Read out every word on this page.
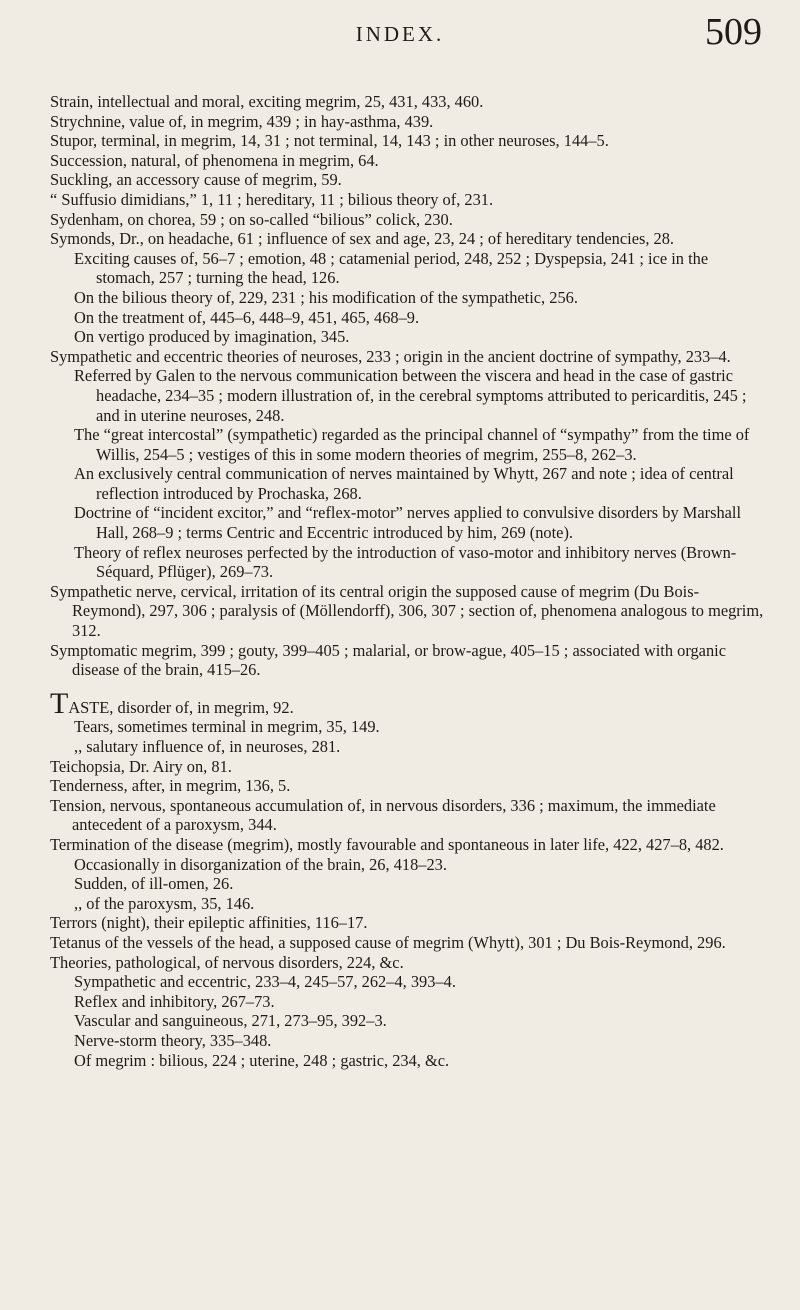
INDEX.	509

Strain, intellectual and moral, exciting megrim, 25, 431, 433, 460.

Strychnine, value of, in megrim, 439 ; in hay-asthma, 439.

Stupor, terminal, in megrim, 14, 31 ; not terminal, 14, 143 ; in other neuroses, 144–5.

Succession, natural, of phenomena in megrim, 64.

Suckling, an accessory cause of megrim, 59.

“ Suffusio dimidians,” 1, 11 ; hereditary, 11 ; bilious theory of, 231.

Sydenham, on chorea, 59 ; on so-called “bilious” colick, 230.

Symonds, Dr., on headache, 61 ; influence of sex and age, 23, 24 ; of hereditary tendencies, 28.

Exciting causes of, 56–7 ; emotion, 48 ; catamenial period, 248, 252 ; Dyspepsia, 241 ; ice in the stomach, 257 ; turning the head, 126.

On the bilious theory of, 229, 231 ; his modification of the sympathetic, 256.

On the treatment of, 445–6, 448–9, 451, 465, 468–9.

On vertigo produced by imagination, 345.

Sympathetic and eccentric theories of neuroses, 233 ; origin in the ancient doctrine of sympathy, 233–4.

Referred by Galen to the nervous communication between the viscera and head in the case of gastric headache, 234–35 ; modern illustration of, in the cerebral symptoms attributed to pericarditis, 245 ; and in uterine neuroses, 248.

The “great intercostal” (sympathetic) regarded as the principal channel of “sympathy” from the time of Willis, 254–5 ; vestiges of this in some modern theories of megrim, 255–8, 262–3.

An exclusively central communication of nerves maintained by Whytt, 267 and note ; idea of central reflection introduced by Prochaska, 268.

Doctrine of “incident excitor,” and “reflex-motor” nerves applied to convulsive disorders by Marshall Hall, 268–9 ; terms Centric and Eccentric introduced by him, 269 (note).

Theory of reflex neuroses perfected by the introduction of vaso-motor and inhibitory nerves (Brown-Séquard, Pflüger), 269–73.

Sympathetic nerve, cervical, irritation of its central origin the supposed cause of megrim (Du Bois-Reymond), 297, 306 ; paralysis of (Möllendorff), 306, 307 ; section of, phenomena analogous to megrim, 312.

Symptomatic megrim, 399 ; gouty, 399–405 ; malarial, or brow-ague, 405–15 ; associated with organic disease of the brain, 415–26.

TASTE, disorder of, in megrim, 92.

Tears, sometimes terminal in megrim, 35, 149.

,, salutary influence of, in neuroses, 281.

Teichopsia, Dr. Airy on, 81.

Tenderness, after, in megrim, 136, 5.

Tension, nervous, spontaneous accumulation of, in nervous disorders, 336 ; maximum, the immediate antecedent of a paroxysm, 344.

Termination of the disease (megrim), mostly favourable and spontaneous in later life, 422, 427–8, 482.

Occasionally in disorganization of the brain, 26, 418–23.

Sudden, of ill-omen, 26.

,, of the paroxysm, 35, 146.

Terrors (night), their epileptic affinities, 116–17.

Tetanus of the vessels of the head, a supposed cause of megrim (Whytt), 301 ; Du Bois-Reymond, 296.

Theories, pathological, of nervous disorders, 224, &c.

Sympathetic and eccentric, 233–4, 245–57, 262–4, 393–4.

Reflex and inhibitory, 267–73.

Vascular and sanguineous, 271, 273–95, 392–3.

Nerve-storm theory, 335–348.

Of megrim : bilious, 224 ; uterine, 248 ; gastric, 234, &c.
